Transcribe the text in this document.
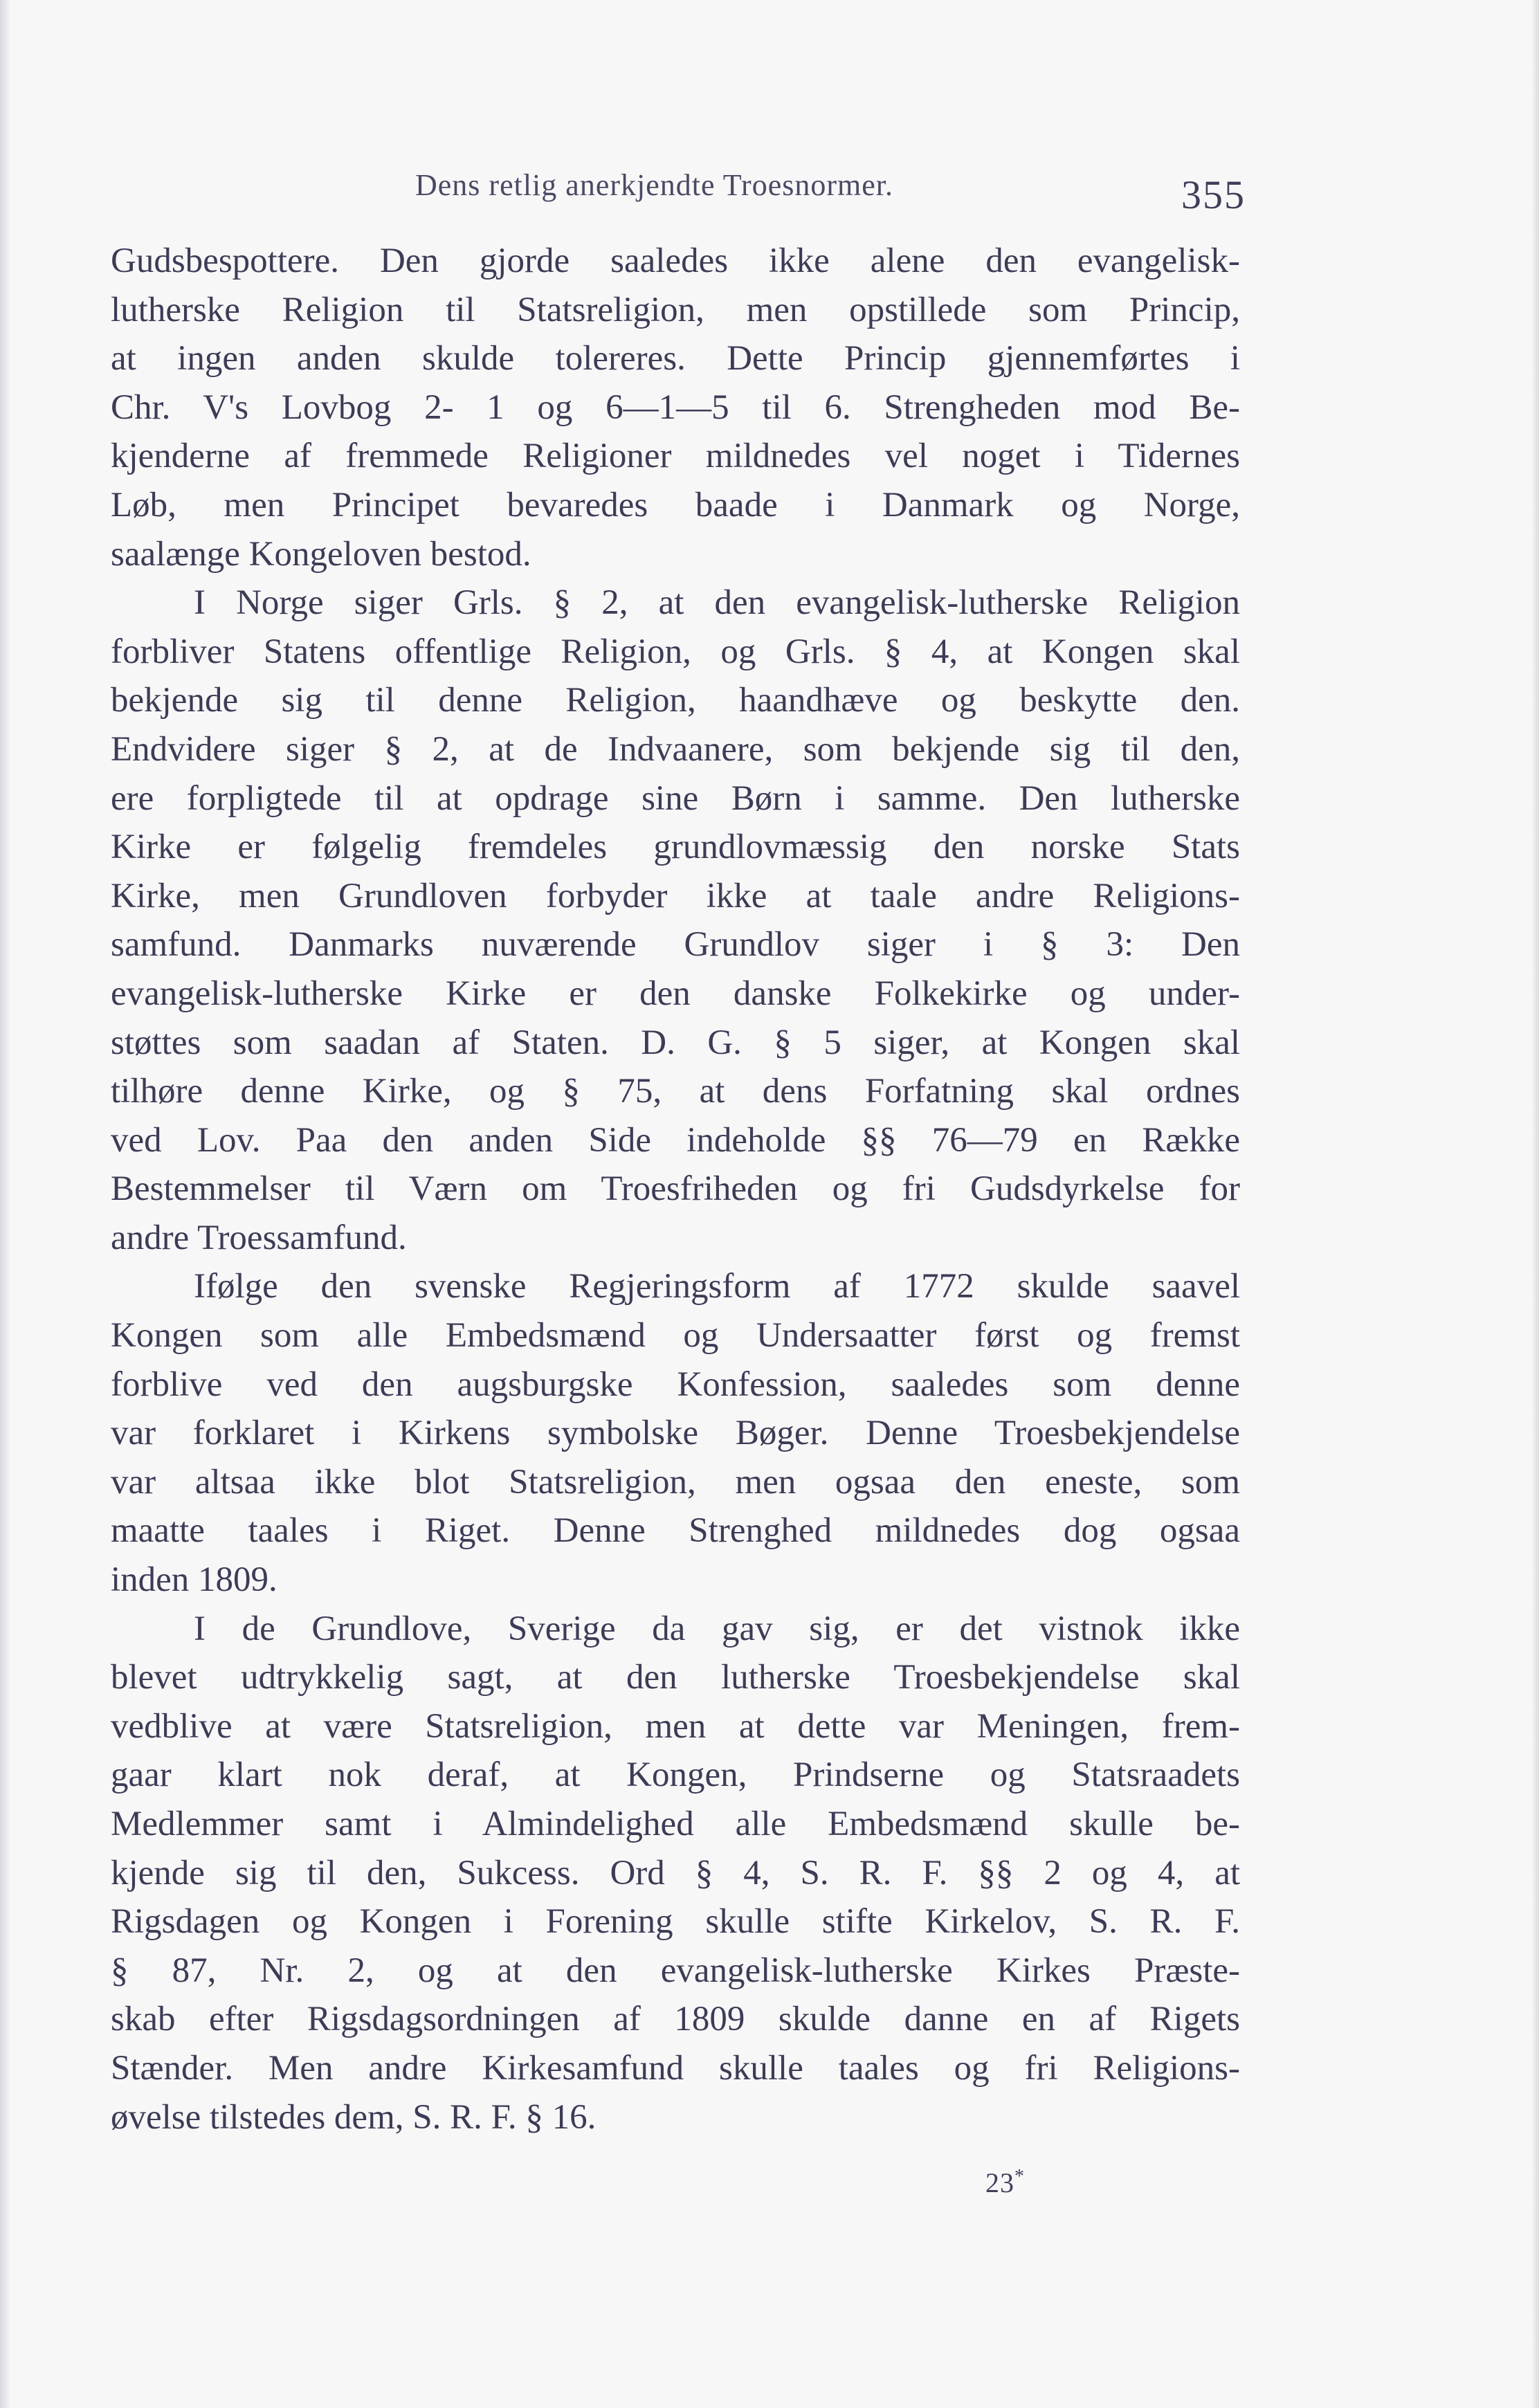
Dens retlig anerkjendte Troesnormer.	355
Gudsbespottere. Den gjorde saaledes ikke alene den evangelisk-
lutherske Religion til Statsreligion, men opstillede som Princip,
at ingen anden skulde tolereres. Dette Princip gjennemførtes i
Chr. V's Lovbog 2- 1 og 6—1—5 til 6. Strengheden mod Be-
kjenderne af fremmede Religioner mildnedes vel noget i Tidernes
Løb, men Principet bevaredes baade i Danmark og Norge,
saalænge Kongeloven bestod.
I Norge siger Grls. § 2, at den evangelisk-lutherske Religion
forbliver Statens offentlige Religion, og Grls. § 4, at Kongen skal
bekjende sig til denne Religion, haandhæve og beskytte den.
Endvidere siger § 2, at de Indvaanere, som bekjende sig til den,
ere forpligtede til at opdrage sine Børn i samme. Den lutherske
Kirke er følgelig fremdeles grundlovmæssig den norske Stats
Kirke, men Grundloven forbyder ikke at taale andre Religions-
samfund. Danmarks nuværende Grundlov siger i § 3: Den
evangelisk-lutherske Kirke er den danske Folkekirke og under-
støttes som saadan af Staten. D. G. § 5 siger, at Kongen skal
tilhøre denne Kirke, og § 75, at dens Forfatning skal ordnes
ved Lov. Paa den anden Side indeholde §§ 76—79 en Række
Bestemmelser til Værn om Troesfriheden og fri Gudsdyrkelse for
andre Troessamfund.
Ifølge den svenske Regjeringsform af 1772 skulde saavel
Kongen som alle Embedsmænd og Undersaatter først og fremst
forblive ved den augsburgske Konfession, saaledes som denne
var forklaret i Kirkens symbolske Bøger. Denne Troesbekjendelse
var altsaa ikke blot Statsreligion, men ogsaa den eneste, som
maatte taales i Riget. Denne Strenghed mildnedes dog ogsaa
inden 1809.
I de Grundlove, Sverige da gav sig, er det vistnok ikke
blevet udtrykkelig sagt, at den lutherske Troesbekjendelse skal
vedblive at være Statsreligion, men at dette var Meningen, frem-
gaar klart nok deraf, at Kongen, Prindserne og Statsraadets
Medlemmer samt i Almindelighed alle Embedsmænd skulle be-
kjende sig til den, Sukcess. Ord § 4, S. R. F. §§ 2 og 4, at
Rigsdagen og Kongen i Forening skulle stifte Kirkelov, S. R. F.
§ 87, Nr. 2, og at den evangelisk-lutherske Kirkes Præste-
skab efter Rigsdagsordningen af 1809 skulde danne en af Rigets
Stænder. Men andre Kirkesamfund skulle taales og fri Religions-
øvelse tilstedes dem, S. R. F. § 16.
23*
